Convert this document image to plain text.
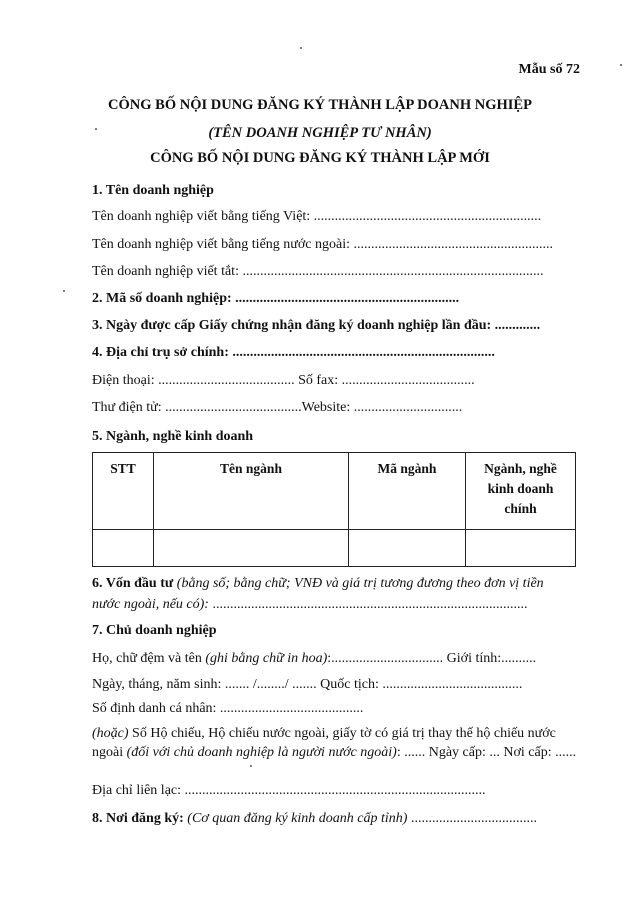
Mẫu số 72
CÔNG BỐ NỘI DUNG ĐĂNG KÝ THÀNH LẬP DOANH NGHIỆP
(TÊN DOANH NGHIỆP TƯ NHÂN)
CÔNG BỐ NỘI DUNG ĐĂNG KÝ THÀNH LẬP MỚI
1. Tên doanh nghiệp
Tên doanh nghiệp viết bằng tiếng Việt: .................................................................
Tên doanh nghiệp viết bằng tiếng nước ngoài: .........................................................
Tên doanh nghiệp viết tắt: ......................................................................................
2. Mã số doanh nghiệp: ................................................................
3. Ngày được cấp Giấy chứng nhận đăng ký doanh nghiệp lần đầu: .............
4. Địa chỉ trụ sở chính: ...........................................................................
Điện thoại: ....................................... Số fax: ......................................
Thư điện tử: .......................................Website: ...............................
5. Ngành, nghề kinh doanh
STT	Tên ngành	Mã ngành	Ngành, nghề kinh doanh chính

6. Vốn đầu tư (bằng số; bằng chữ; VNĐ và giá trị tương đương theo đơn vị tiền
nước ngoài, nếu có): ..........................................................................................
7. Chủ doanh nghiệp
Họ, chữ đệm và tên (ghi bằng chữ in hoa):................................ Giới tính:..........
Ngày, tháng, năm sinh: ....... /......../ ....... Quốc tịch: ........................................
Số định danh cá nhân: .........................................
(hoặc) Số Hộ chiếu, Hộ chiếu nước ngoài, giấy tờ có giá trị thay thế hộ chiếu nước ngoài (đối với chủ doanh nghiệp là người nước ngoài): ...... Ngày cấp: ... Nơi cấp: ......
Địa chỉ liên lạc: ......................................................................................
8. Nơi đăng ký: (Cơ quan đăng ký kinh doanh cấp tỉnh) ....................................
